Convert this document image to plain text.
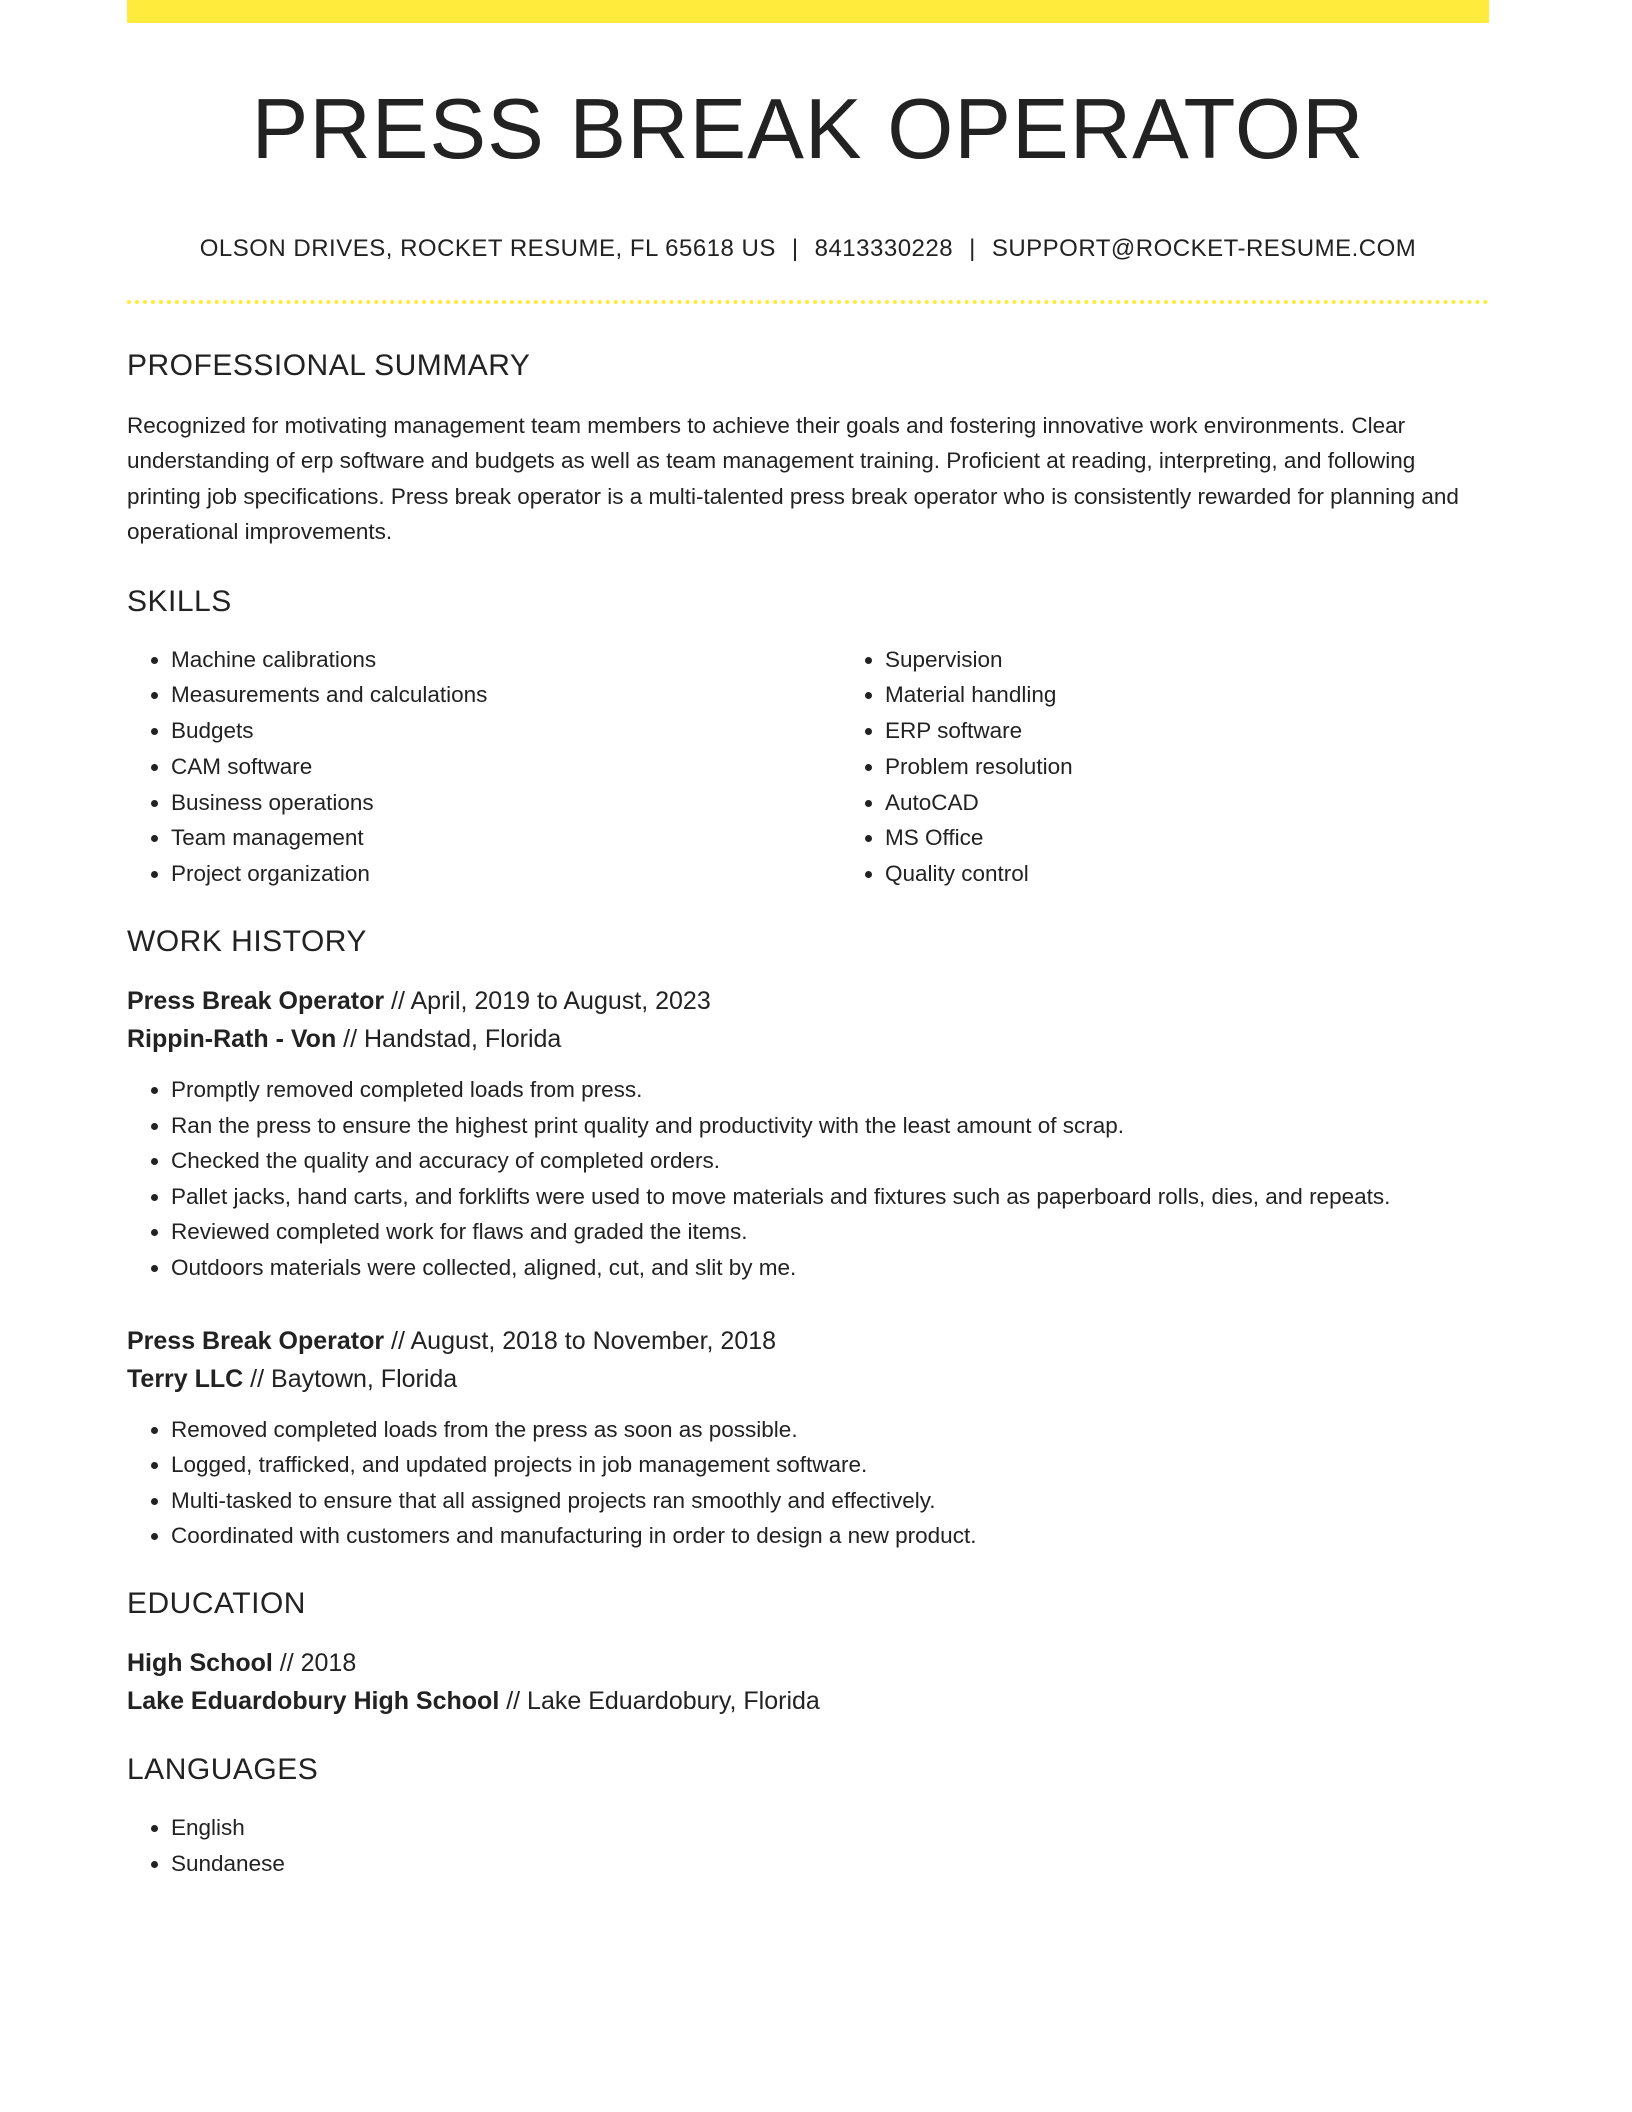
PRESS BREAK OPERATOR
OLSON DRIVES, ROCKET RESUME, FL 65618 US | 8413330228 | SUPPORT@ROCKET-RESUME.COM
PROFESSIONAL SUMMARY
Recognized for motivating management team members to achieve their goals and fostering innovative work environments. Clear understanding of erp software and budgets as well as team management training. Proficient at reading, interpreting, and following printing job specifications. Press break operator is a multi-talented press break operator who is consistently rewarded for planning and operational improvements.
SKILLS
• Machine calibrations
• Measurements and calculations
• Budgets
• CAM software
• Business operations
• Team management
• Project organization
• Supervision
• Material handling
• ERP software
• Problem resolution
• AutoCAD
• MS Office
• Quality control
WORK HISTORY
Press Break Operator // April, 2019 to August, 2023
Rippin-Rath - Von // Handstad, Florida
• Promptly removed completed loads from press.
• Ran the press to ensure the highest print quality and productivity with the least amount of scrap.
• Checked the quality and accuracy of completed orders.
• Pallet jacks, hand carts, and forklifts were used to move materials and fixtures such as paperboard rolls, dies, and repeats.
• Reviewed completed work for flaws and graded the items.
• Outdoors materials were collected, aligned, cut, and slit by me.
Press Break Operator // August, 2018 to November, 2018
Terry LLC // Baytown, Florida
• Removed completed loads from the press as soon as possible.
• Logged, trafficked, and updated projects in job management software.
• Multi-tasked to ensure that all assigned projects ran smoothly and effectively.
• Coordinated with customers and manufacturing in order to design a new product.
EDUCATION
High School // 2018
Lake Eduardobury High School // Lake Eduardobury, Florida
LANGUAGES
• English
• Sundanese
